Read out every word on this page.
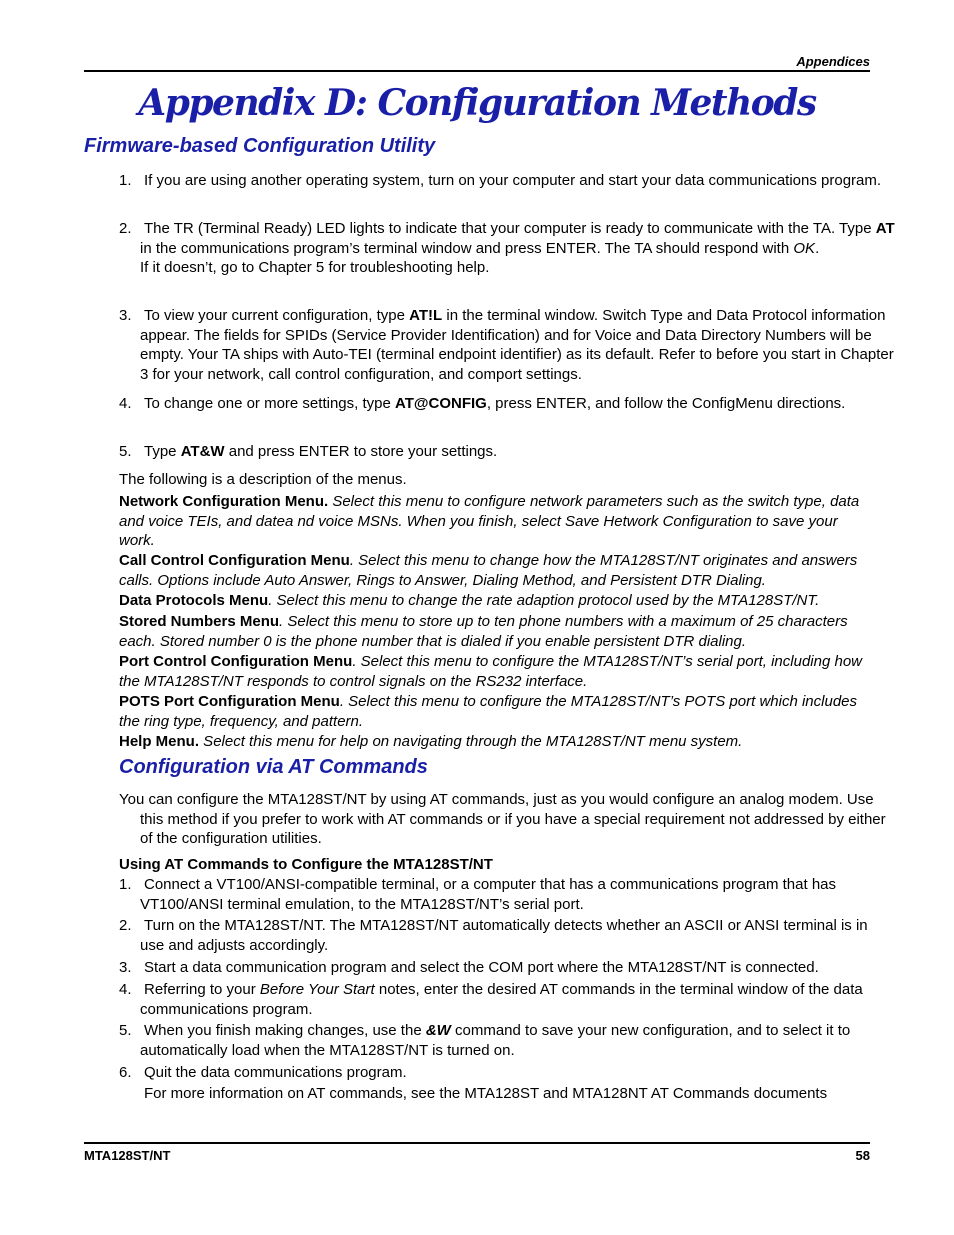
Appendices
Appendix D: Configuration Methods
Firmware-based Configuration Utility
1. If you are using another operating system, turn on your computer and start your data communications program.
2. The TR (Terminal Ready) LED lights to indicate that your computer is ready to communicate with the TA. Type AT in the communications program’s terminal window and press ENTER. The TA should respond with OK.
If it doesn’t, go to Chapter 5 for troubleshooting help.
3. To view your current configuration, type AT!L in the terminal window. Switch Type and Data Protocol information appear. The fields for SPIDs (Service Provider Identification) and for Voice and Data Directory Numbers will be empty. Your TA ships with Auto-TEI (terminal endpoint identifier) as its default. Refer to before you start in Chapter 3 for your network, call control configuration, and comport settings.
4. To change one or more settings, type AT@CONFIG, press ENTER, and follow the ConfigMenu directions.
5. Type AT&W and press ENTER to store your settings.
The following is a description of the menus.
Network Configuration Menu. Select this menu to configure network parameters such as the switch type, data and voice TEIs, and datea nd voice MSNs. When you finish, select Save Hetwork Configuration to save your work.
Call Control Configuration Menu. Select this menu to change how the MTA128ST/NT originates and answers calls. Options include Auto Answer, Rings to Answer, Dialing Method, and Persistent DTR Dialing.
Data Protocols Menu. Select this menu to change the rate adaption protocol used by the MTA128ST/NT.
Stored Numbers Menu. Select this menu to store up to ten phone numbers with a maximum of 25 characters each. Stored number 0 is the phone number that is dialed if you enable persistent DTR dialing.
Port Control Configuration Menu. Select this menu to configure the MTA128ST/NT’s serial port, including how the MTA128ST/NT responds to control signals on the RS232 interface.
POTS Port Configuration Menu. Select this menu to configure the MTA128ST/NT’s POTS port which includes the ring type, frequency, and pattern.
Help Menu. Select this menu for help on navigating through the MTA128ST/NT menu system.
Configuration via AT Commands
You can configure the MTA128ST/NT by using AT commands, just as you would configure an analog modem. Use this method if you prefer to work with AT commands or if you have a special requirement not addressed by either of the configuration utilities.
Using AT Commands to Configure the MTA128ST/NT
1. Connect a VT100/ANSI-compatible terminal, or a computer that has a communications program that has VT100/ANSI terminal emulation, to the MTA128ST/NT’s serial port.
2. Turn on the MTA128ST/NT. The MTA128ST/NT automatically detects whether an ASCII or ANSI terminal is in use and adjusts accordingly.
3. Start a data communication program and select the COM port where the MTA128ST/NT is connected.
4. Referring to your Before Your Start notes, enter the desired AT commands in the terminal window of the data communications program.
5. When you finish making changes, use the &W command to save your new configuration, and to select it to automatically load when the MTA128ST/NT is turned on.
6. Quit the data communications program.
For more information on AT commands, see the MTA128ST and MTA128NT AT Commands documents
MTA128ST/NT	58
